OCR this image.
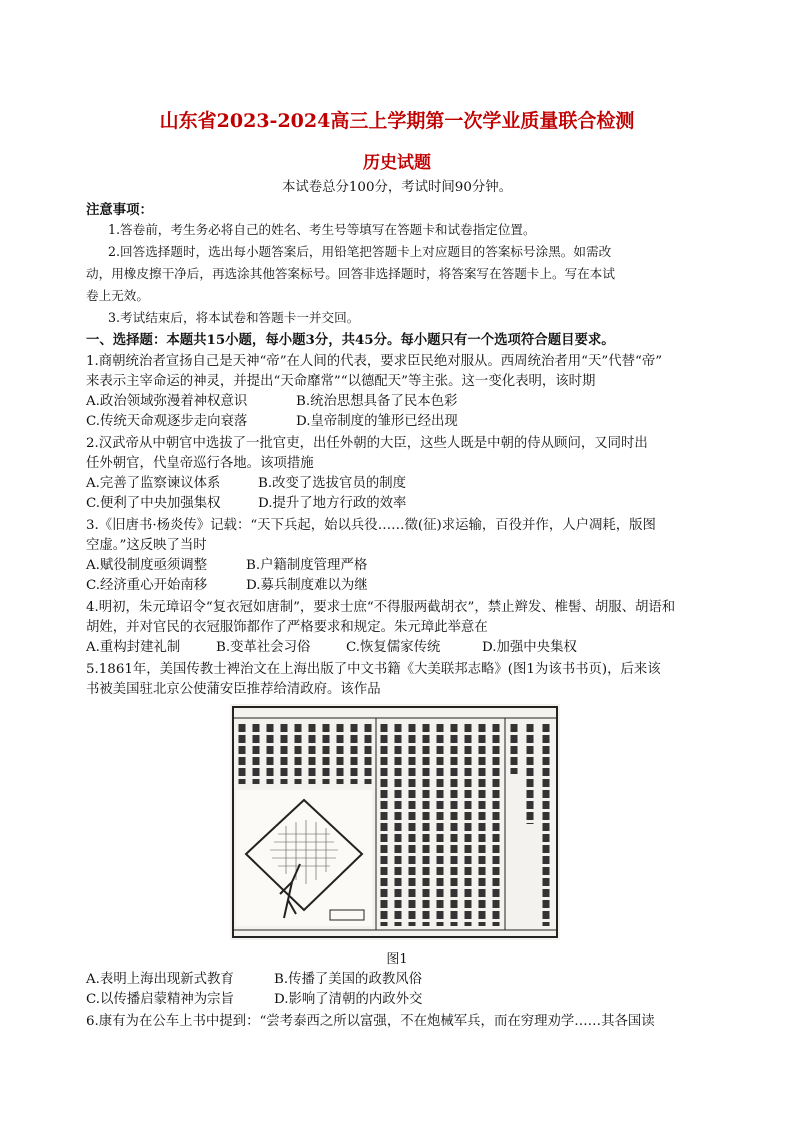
山东省2023-2024高三上学期第一次学业质量联合检测
历史试题
本试卷总分100分，考试时间90分钟。
注意事项：
1.答卷前，考生务必将自己的姓名、考生号等填写在答题卡和试卷指定位置。
2.回答选择题时，选出每小题答案后，用铅笔把答题卡上对应题目的答案标号涂黑。如需改
动，用橡皮擦干净后，再选涂其他答案标号。回答非选择题时，将答案写在答题卡上。写在本试
卷上无效。
3.考试结束后，将本试卷和答题卡一并交回。
一、选择题：本题共15小题，每小题3分，共45分。每小题只有一个选项符合题目要求。
1.商朝统治者宣扬自己是天神“帝”在人间的代表，要求臣民绝对服从。西周统治者用“天”代替“帝”
来表示主宰命运的神灵，并提出“天命靡常”“以德配天”等主张。这一变化表明，该时期
A.政治领域弥漫着神权意识	B.统治思想具备了民本色彩
C.传统天命观逐步走向衰落	D.皇帝制度的雏形已经出现
2.汉武帝从中朝官中选拔了一批官吏，出任外朝的大臣，这些人既是中朝的侍从顾问，又同时出
任外朝官，代皇帝巡行各地。该项措施
A.完善了监察谏议体系	B.改变了选拔官员的制度
C.便利了中央加强集权	D.提升了地方行政的效率
3.《旧唐书·杨炎传》记载：“天下兵起，始以兵役……徵(征)求运输，百役并作，人户凋耗，版图
空虚。”这反映了当时
A.赋役制度亟须调整	B.户籍制度管理严格
C.经济重心开始南移	D.募兵制度难以为继
4.明初，朱元璋诏令“复衣冠如唐制”，要求士庶“不得服两截胡衣”，禁止辫发、椎髻、胡服、胡语和
胡姓，并对官民的衣冠服饰都作了严格要求和规定。朱元璋此举意在
A.重构封建礼制	B.变革社会习俗	C.恢复儒家传统	D.加强中央集权
5.1861年，美国传教士裨治文在上海出版了中文书籍《大美联邦志略》(图1为该书书页)，后来该
书被美国驻北京公使蒲安臣推荐给清政府。该作品
图1
A.表明上海出现新式教育	B.传播了美国的政教风俗
C.以传播启蒙精神为宗旨	D.影响了清朝的内政外交
6.康有为在公车上书中提到：“尝考泰西之所以富强，不在炮械军兵，而在穷理劝学……其各国读
